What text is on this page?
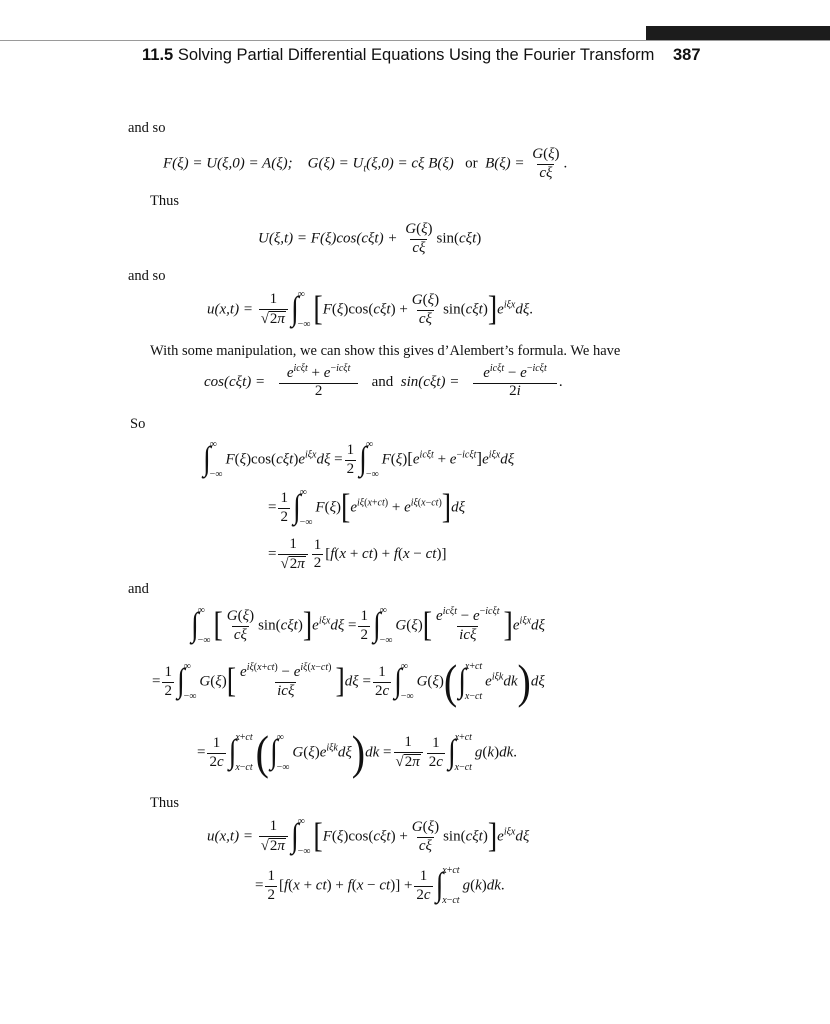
11.5 Solving Partial Differential Equations Using the Fourier Transform 387
and so
F(ξ) = U(ξ,0) = A(ξ); $G(\xi) = U_t(\xi,0) = c\xi$ B(ξ) or $B(\xi) = \frac{G(\xi)}{c\xi}$ .
Thus
$U(\xi,t) = F(\xi)\cos(c\xi t) + \frac{G(\xi)}{c\xi} \sin(c\xi t)$
and so
$u(x,t) = \frac{1}{√ 2\pi}$ ∫ ∞
−∞ $[F(\xi)\cos(c\xi t) + \frac{G(\xi)}{c\xi} \sin(c\xi t)]e^{i\xi x}d\xi$.
With some manipulation, we can show this gives d’Alembert’s formula. We have
$\cos(c\xi t) = \frac{e^{ic\xi t} + e^{-ic\xi t}}{2}$ and $\sin(c\xi t) = \frac{e^{ic\xi t} - e^{-ic\xi t}}{2i}$ .
So
∫ ∞
−∞
$F(\xi)\cos(c\xi t)e^{i\xi x}d\xi = \frac{1}{2}$ ∫ ∞
−∞
$F(\xi)[e^{ic\xi t} + e^{-ic\xi t}]e^{i\xi x}d\xi$
= $\frac{1}{2}$ ∫ ∞
−∞
$F(\xi)[e^{i\xi(x+ct)} + e^{i\xi(x-ct)}]d\xi$
= $\frac{1}{√ 2\pi} \frac{1}{2} [f(x + ct) + f(x - ct)]$
and
∫ ∞
−∞ [ $\frac{G(\xi)}{c\xi} \sin(c\xi t)]e^{i\xi x}d\xi = \frac{1}{2}$ ∫ ∞
−∞
$G(\xi)[ \frac{e^{ic\xi t} - e^{-ic\xi t}}{\text{icξ}} ]e^{i\xi x}d\xi$
= $\frac{1}{2}$ ∫ ∞
−∞
$G(\xi)[ \frac{e^{i\xi(x+ct)} - e^{i\xi(x-ct)}}{\text{icξ}} ]d\xi = \frac{1}{2c}$ ∫ ∞
−∞
G(ξ)(∫ x+ct
x−ct
$e^{i\xi k}dk)d\xi$
= $\frac{1}{2c}$ ∫ x+ct
x−ct (∫ ∞
−∞
$G(\xi)e^{i\xi k}d\xi)dk = \frac{1}{√ 2\pi} \frac{1}{2c}$ ∫ x+ct
x−ct
g(k)dk.
Thus
$u(x,t) = \frac{1}{√ 2\pi}$ ∫ ∞
−∞ $[F(\xi)\cos(c\xi t) + \frac{G(\xi)}{c\xi} \sin(c\xi t)]e^{i\xi x}d\xi$
= $\frac{1}{2} [f(x + ct) + f(x - ct)] + \frac{1}{2c}$ ∫ x+ct
x−ct
g(k)dk.
